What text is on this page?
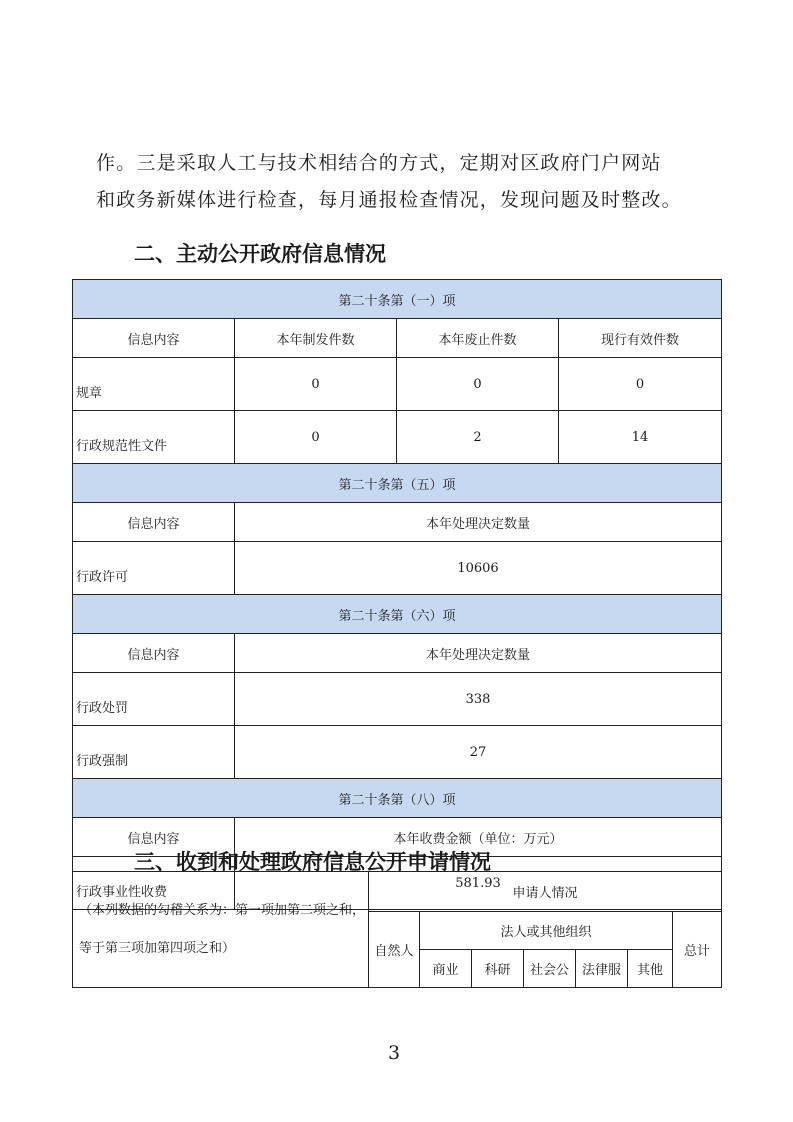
作。三是采取人工与技术相结合的方式，定期对区政府门户网站
和政务新媒体进行检查，每月通报检查情况，发现问题及时整改。
二、主动公开政府信息情况
第二十条第（一）项			
信息内容	本年制发件数	本年废止件数	现行有效件数
规章	0	0	0
行政规范性文件	0	2	14
第二十条第（五）项			
信息内容	本年处理决定数量		
行政许可	10606		
第二十条第（六）项			
信息内容	本年处理决定数量		
行政处罚	338		
行政强制	27		
第二十条第（八）项			
信息内容	本年收费金额（单位：万元）		
行政事业性收费	581.93		
三、收到和处理政府信息公开申请情况
（本列数据的勾稽关系为：第一项加第二项之和，
等于第三项加第四项之和）	申请人情况						
	自然人	法人或其他组织					总计
		商业	科研	社会公	法律服	其他	
3
